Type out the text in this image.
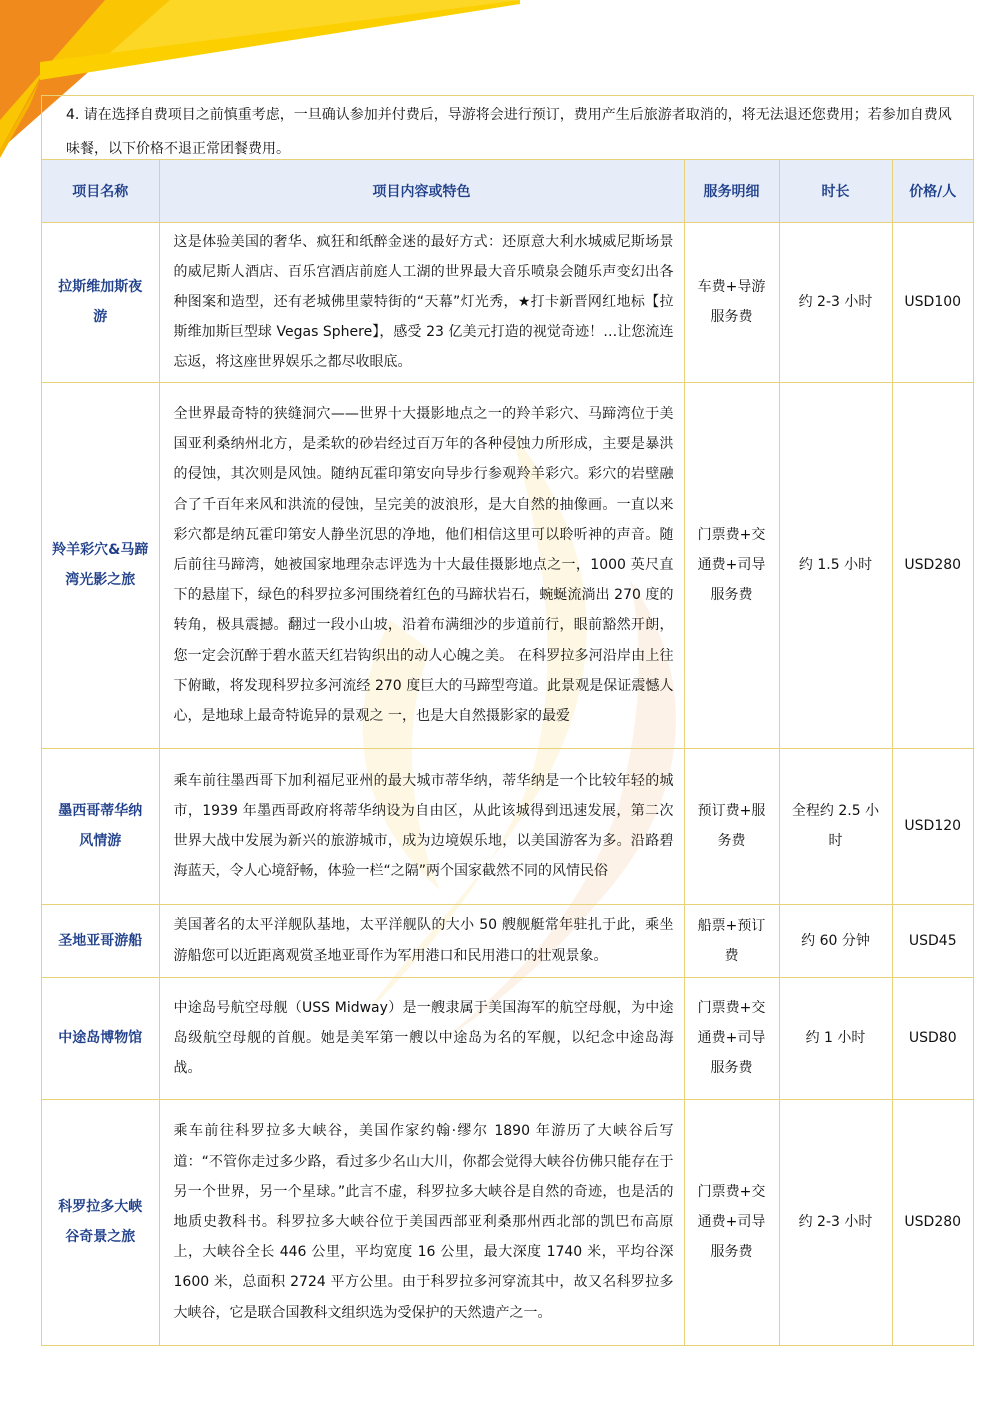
4. 请在选择自费项目之前慎重考虑，一旦确认参加并付费后，导游将会进行预订，费用产生后旅游者取消的，将无法退还您费用；若参加自费风味餐，以下价格不退正常团餐费用。
项目名称	项目内容或特色	服务明细	时长	价格/人
拉斯维加斯夜游	这是体验美国的奢华、疯狂和纸醉金迷的最好方式：还原意大利水城威尼斯场景的威尼斯人酒店、百乐宫酒店前庭人工湖的世界最大音乐喷泉会随乐声变幻出各种图案和造型，还有老城佛里蒙特街的“天幕”灯光秀，★打卡新晋网红地标【拉斯维加斯巨型球 Vegas Sphere】，感受 23 亿美元打造的视觉奇迹！…让您流连忘返，将这座世界娱乐之都尽收眼底。	车费+导游服务费	约 2-3 小时	USD100
羚羊彩穴&马蹄湾光影之旅	全世界最奇特的狭缝洞穴——世界十大摄影地点之一的羚羊彩穴、马蹄湾位于美国亚利桑纳州北方，是柔软的砂岩经过百万年的各种侵蚀力所形成，主要是暴洪的侵蚀，其次则是风蚀。随纳瓦霍印第安向导步行参观羚羊彩穴。彩穴的岩壁融合了千百年来风和洪流的侵蚀，呈完美的波浪形，是大自然的抽像画。一直以来彩穴都是纳瓦霍印第安人静坐沉思的净地，他们相信这里可以聆听神的声音。随后前往马蹄湾，她被国家地理杂志评选为十大最佳摄影地点之一，1000 英尺直下的悬崖下，绿色的科罗拉多河围绕着红色的马蹄状岩石，蜿蜒流淌出 270 度的转角，极具震撼。翻过一段小山坡，沿着布满细沙的步道前行，眼前豁然开朗，您一定会沉醉于碧水蓝天红岩钩织出的动人心魄之美。 在科罗拉多河沿岸由上往下俯瞰，将发现科罗拉多河流经 270 度巨大的马蹄型弯道。此景观是保证震憾人心，是地球上最奇特诡异的景观之 一，也是大自然摄影家的最爱	门票费+交通费+司导服务费	约 1.5 小时	USD280
墨西哥蒂华纳风情游	乘车前往墨西哥下加利福尼亚州的最大城市蒂华纳，蒂华纳是一个比较年轻的城市，1939 年墨西哥政府将蒂华纳设为自由区，从此该城得到迅速发展，第二次世界大战中发展为新兴的旅游城市，成为边境娱乐地，以美国游客为多。沿路碧海蓝天，令人心境舒畅，体验一栏“之隔”两个国家截然不同的风情民俗	预订费+服务费	全程约 2.5 小时	USD120
圣地亚哥游船	美国著名的太平洋舰队基地，太平洋舰队的大小 50 艘舰艇常年驻扎于此，乘坐游船您可以近距离观赏圣地亚哥作为军用港口和民用港口的壮观景象。	船票+预订费	约 60 分钟	USD45
中途岛博物馆	中途岛号航空母舰（USS Midway）是一艘隶属于美国海军的航空母舰，为中途岛级航空母舰的首舰。她是美军第一艘以中途岛为名的军舰，以纪念中途岛海战。	门票费+交通费+司导服务费	约 1 小时	USD80
科罗拉多大峡谷奇景之旅	乘车前往科罗拉多大峡谷，美国作家约翰·缪尔 1890 年游历了大峡谷后写道：“不管你走过多少路，看过多少名山大川，你都会觉得大峡谷仿佛只能存在于另一个世界，另一个星球。”此言不虚，科罗拉多大峡谷是自然的奇迹，也是活的地质史教科书。科罗拉多大峡谷位于美国西部亚利桑那州西北部的凯巴布高原上，大峡谷全长 446 公里，平均宽度 16 公里，最大深度 1740 米，平均谷深 1600 米，总面积 2724 平方公里。由于科罗拉多河穿流其中，故又名科罗拉多大峡谷，它是联合国教科文组织选为受保护的天然遗产之一。	门票费+交通费+司导服务费	约 2-3 小时	USD280
